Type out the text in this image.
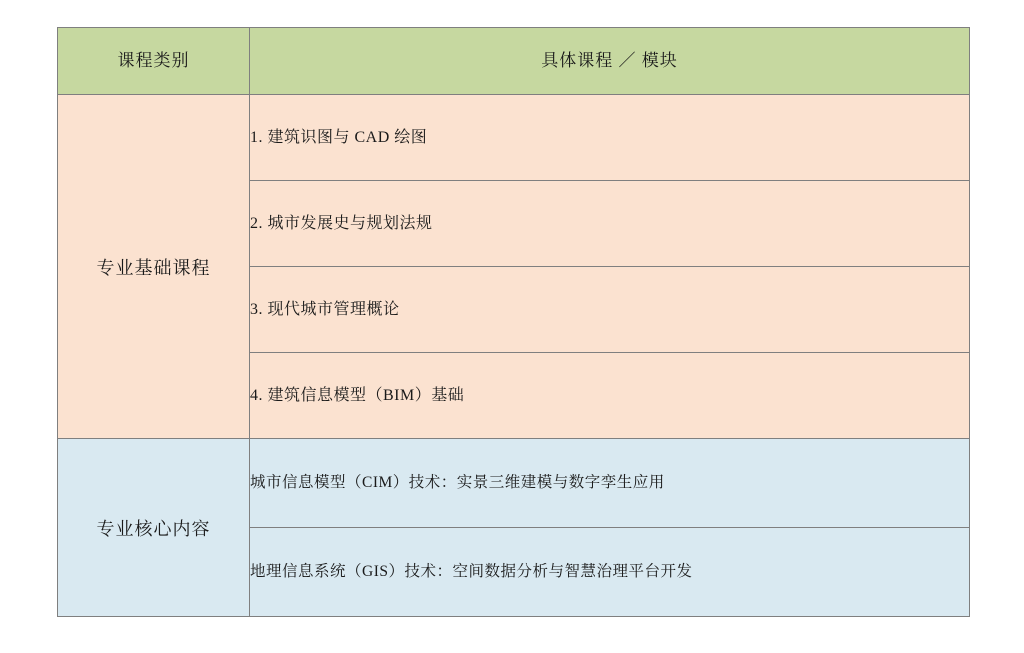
课程类别	具体课程 ／ 模块

专业基础课程	1. 建筑识图与 CAD 绘图

	2. 城市发展史与规划法规

	3. 现代城市管理概论

	4. 建筑信息模型（BIM）基础

专业核心内容	城市信息模型（CIM）技术：实景三维建模与数字孪生应用

	地理信息系统（GIS）技术：空间数据分析与智慧治理平台开发
